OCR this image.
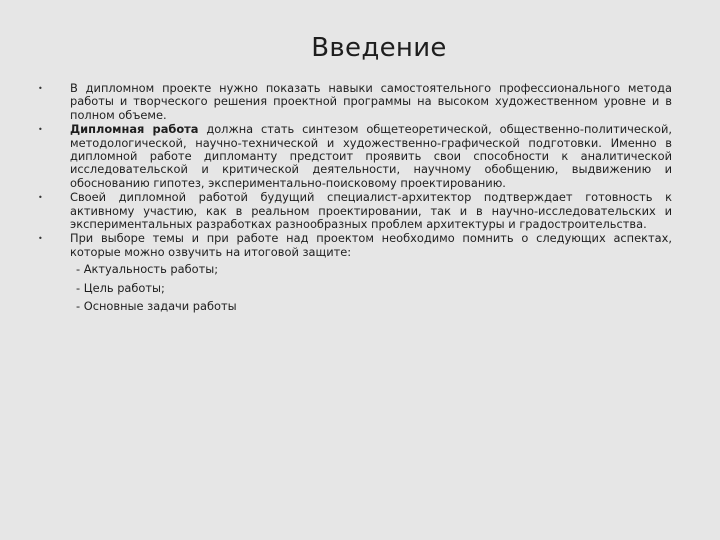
Введение
• В дипломном проекте нужно показать навыки самостоятельного профессионального метода работы и творческого решения проектной программы на высоком художественном уровне и в полном объеме.
• Дипломная работа должна стать синтезом общетеоретической, общественно-политической, методологической, научно-технической и художественно-графической подготовки. Именно в дипломной работе дипломанту предстоит проявить свои способности к аналитической исследовательской и критической деятельности, научному обобщению, выдвижению и обоснованию гипотез, экспериментально-поисковому проектированию.
• Своей дипломной работой будущий специалист-архитектор подтверждает готовность к активному участию, как в реальном проектировании, так и в научно-исследовательских и экспериментальных разработках разнообразных проблем архитектуры и градостроительства.
• При выборе темы и при работе над проектом необходимо помнить о следующих аспектах, которые можно озвучить на итоговой защите:
- Актуальность работы;
- Цель работы;
- Основные задачи работы
